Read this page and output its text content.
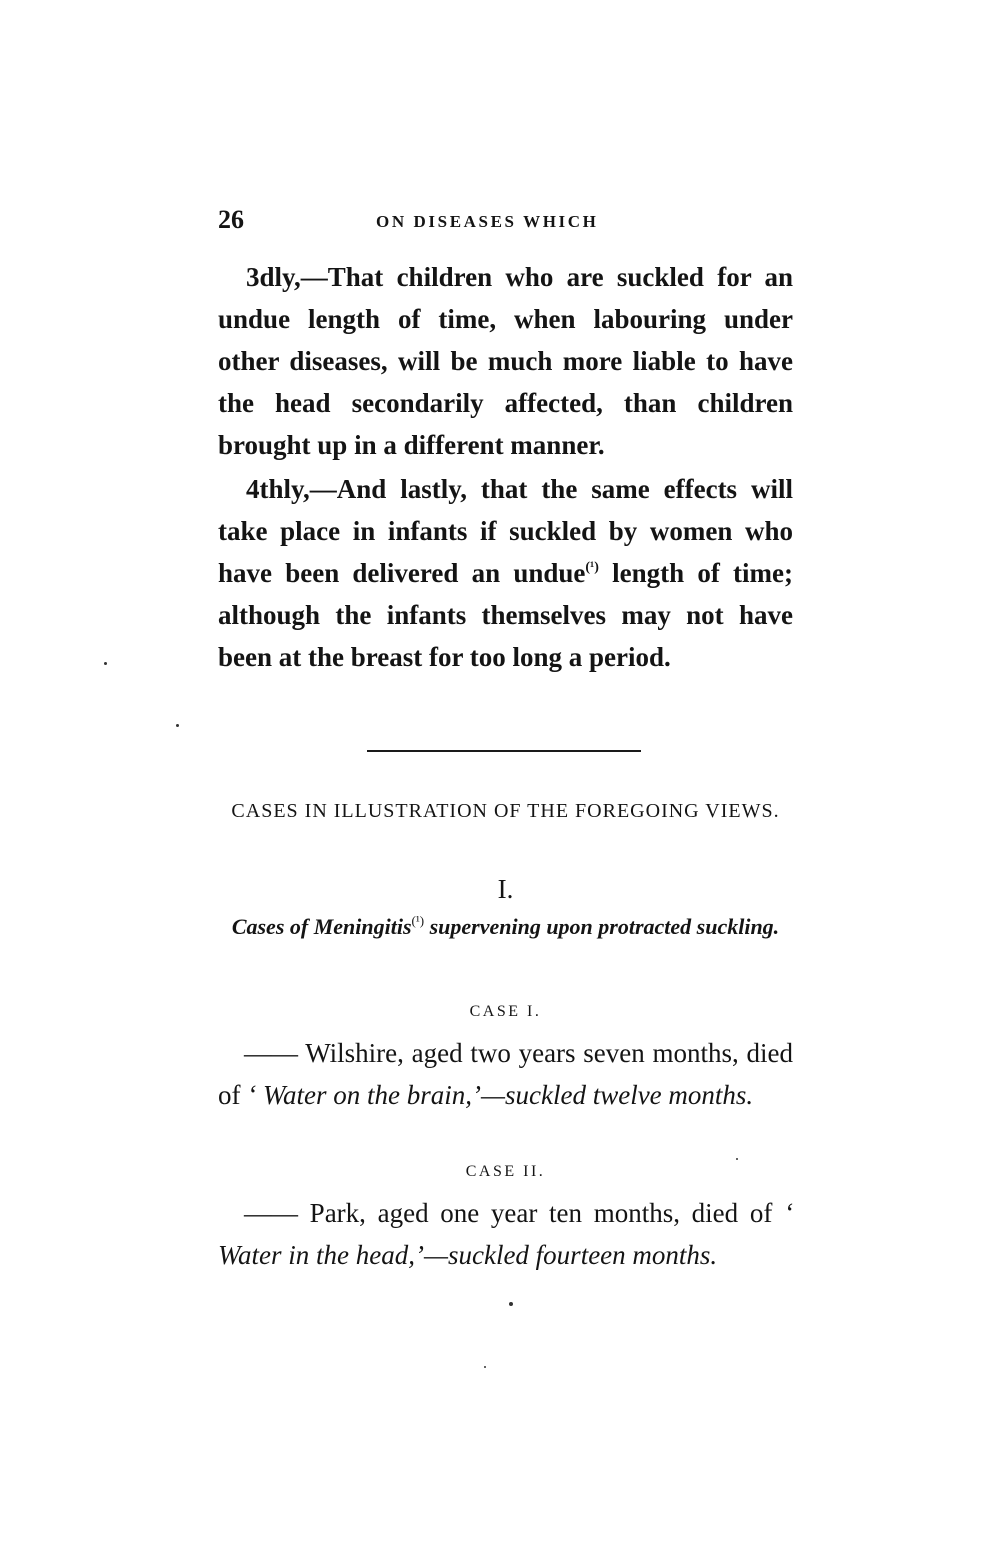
26	ON DISEASES WHICH

3dly,—That children who are suckled for an undue length of time, when labouring under other diseases, will be much more liable to have the head secondarily affected, than children brought up in a different manner.

4thly,—And lastly, that the same effects will take place in infants if suckled by women who have been delivered an undue$^{(^1)}$ length of time; although the infants themselves may not have been at the breast for too long a period.

CASES IN ILLUSTRATION OF THE FOREGOING VIEWS.
I.
Cases of Meningitis$^{(^1)}$ supervening upon protracted suckling.
CASE I.

—— Wilshire, aged two years seven months, died of ‘ Water on the brain,’—suckled twelve months.

CASE II.

—— Park, aged one year ten months, died of ‘ Water in the head,’—suckled fourteen months.
